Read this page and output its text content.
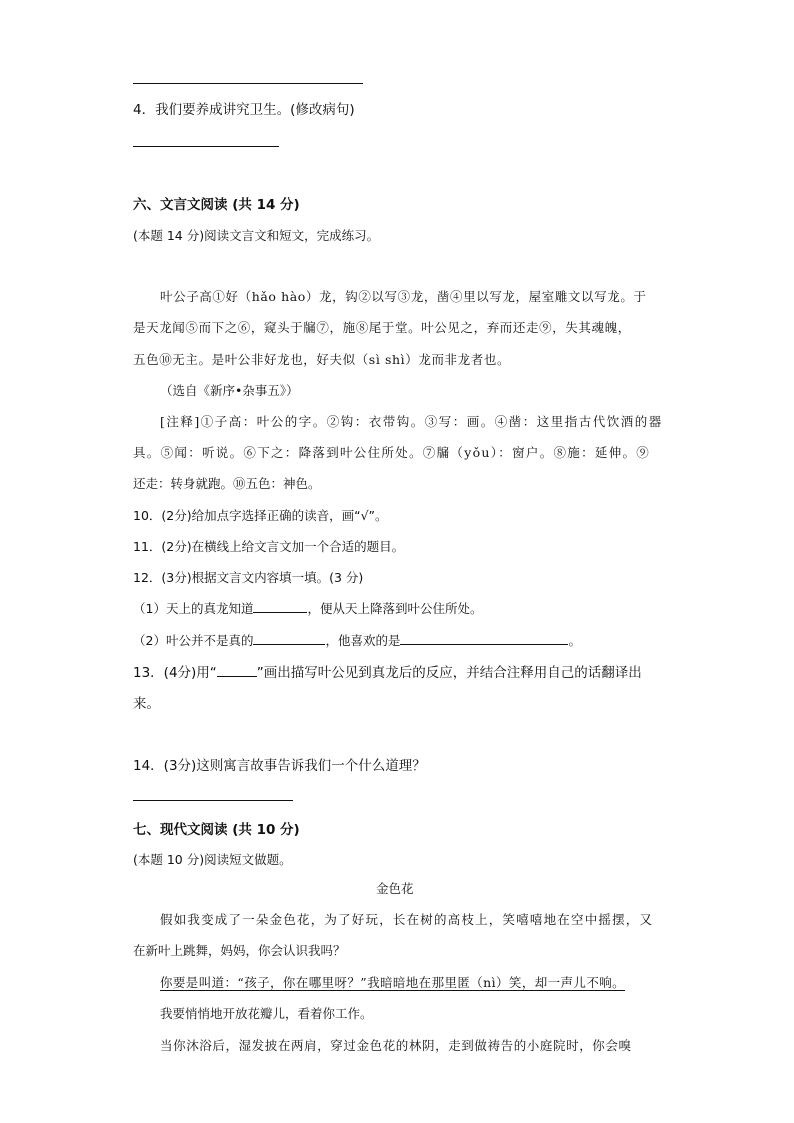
4．我们要养成讲究卫生。(修改病句)
六、文言文阅读 (共 14 分)
(本题 14 分)阅读文言文和短文，完成练习。
叶公子高①好（hǎo hào）龙，钩②以写③龙，凿④里以写龙，屋室雕文以写龙。于
是天龙闻⑤而下之⑥，窥头于牖⑦，施⑧尾于堂。叶公见之，弃而还走⑨，失其魂魄，
五色⑩无主。是叶公非好龙也，好夫似（sì shì）龙而非龙者也。
（选自《新序•杂事五》）
[注释]①子高：叶公的字。②钩：衣带钩。③写：画。④凿：这里指古代饮酒的器
具。⑤闻：听说。⑥下之：降落到叶公住所处。⑦牖（yǒu）：窗户。⑧施：延伸。⑨
还走：转身就跑。⑩五色：神色。
10．(2分)给加点字选择正确的读音，画“√”。
11．(2分)在横线上给文言文加一个合适的题目。
12．(3分)根据文言文内容填一填。(3 分)
（1）天上的真龙知道	，便从天上降落到叶公住所处。
（2）叶公并不是真的	，他喜欢的是	。
13．(4分)用“	”画出描写叶公见到真龙后的反应，并结合注释用自己的话翻译出
来。
14．(3分)这则寓言故事告诉我们一个什么道理？
七、现代文阅读 (共 10 分)
(本题 10 分)阅读短文做题。
金色花
假如我变成了一朵金色花，为了好玩，长在树的高枝上，笑嘻嘻地在空中摇摆，又
在新叶上跳舞，妈妈，你会认识我吗？
你要是叫道：“孩子，你在哪里呀？”我暗暗地在那里匿（nì）笑，却一声儿不响。
我要悄悄地开放花瓣儿，看着你工作。
当你沐浴后，湿发披在两肩，穿过金色花的林阴，走到做祷告的小庭院时，你会嗅
